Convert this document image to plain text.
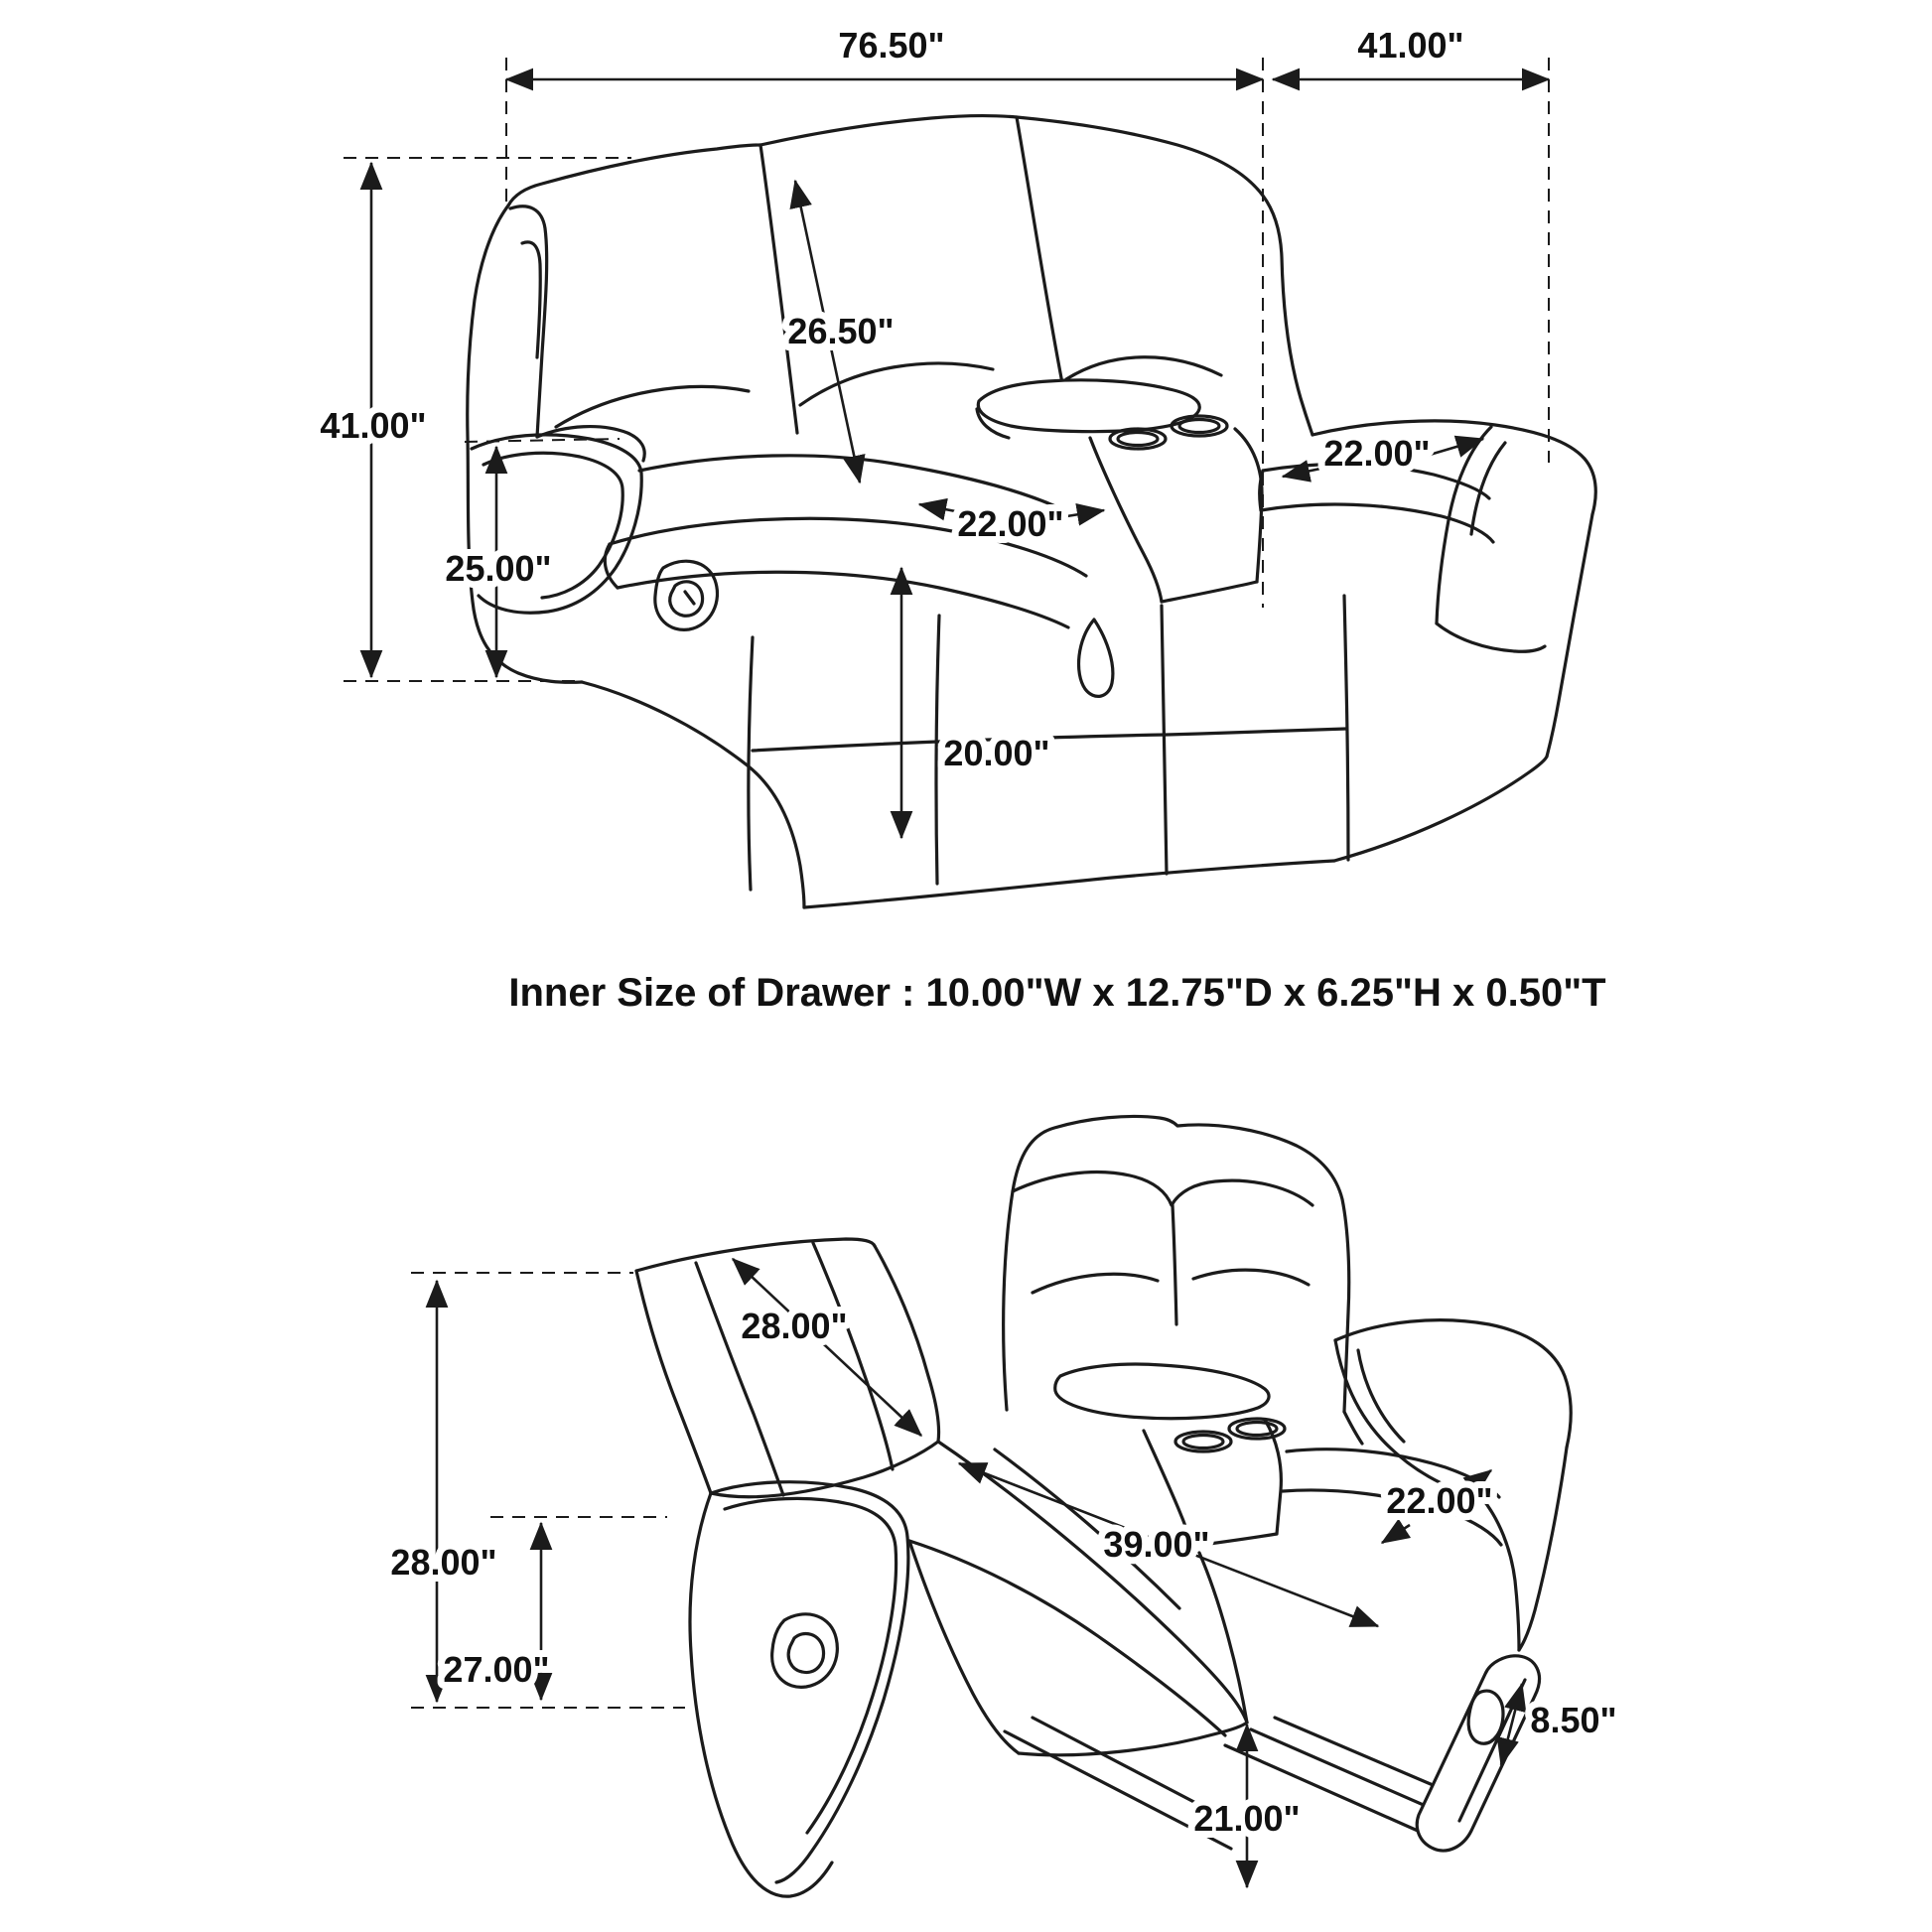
76.50"	41.00"
41.00"
26.50"
25.00"
22.00"
22.00"
20.00"
Inner Size of Drawer : 10.00"W x 12.75"D x 6.25"H x 0.50"T
28.00"
28.00"
27.00"
22.00"
39.00"
8.50"
21.00"
